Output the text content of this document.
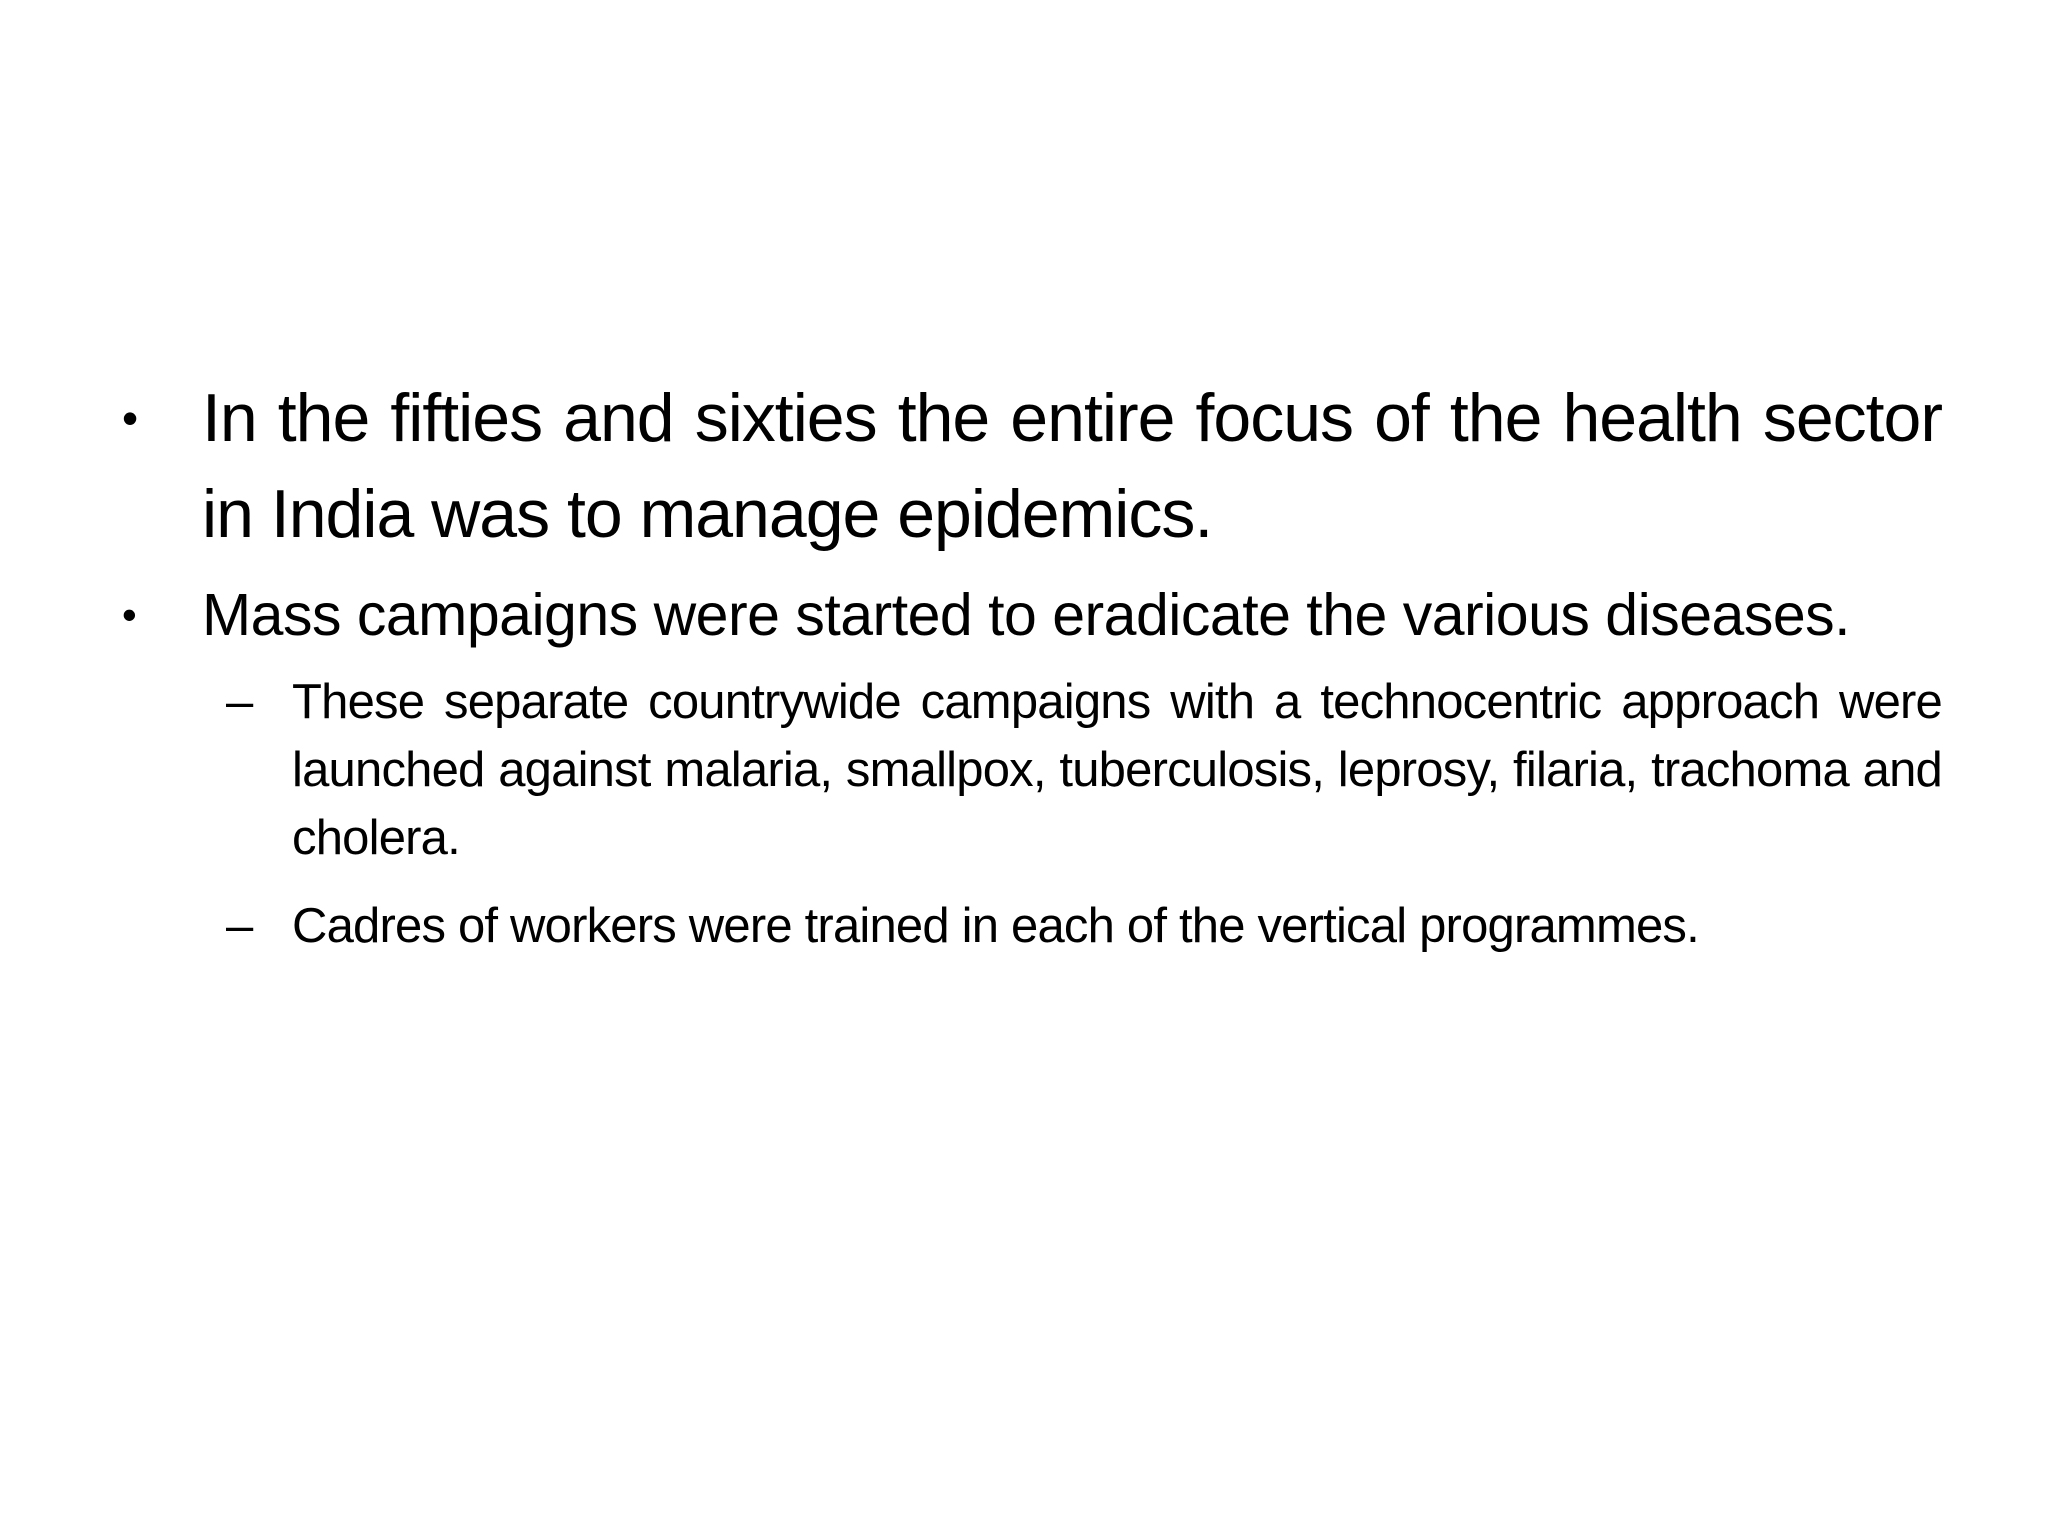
• In the fifties and sixties the entire focus of the health sector in India was to manage epidemics.
• Mass campaigns were started to eradicate the various diseases.
– These separate countrywide campaigns with a technocentric approach were launched against malaria, smallpox, tuberculosis, leprosy, filaria, trachoma and cholera.
– Cadres of workers were trained in each of the vertical programmes.
